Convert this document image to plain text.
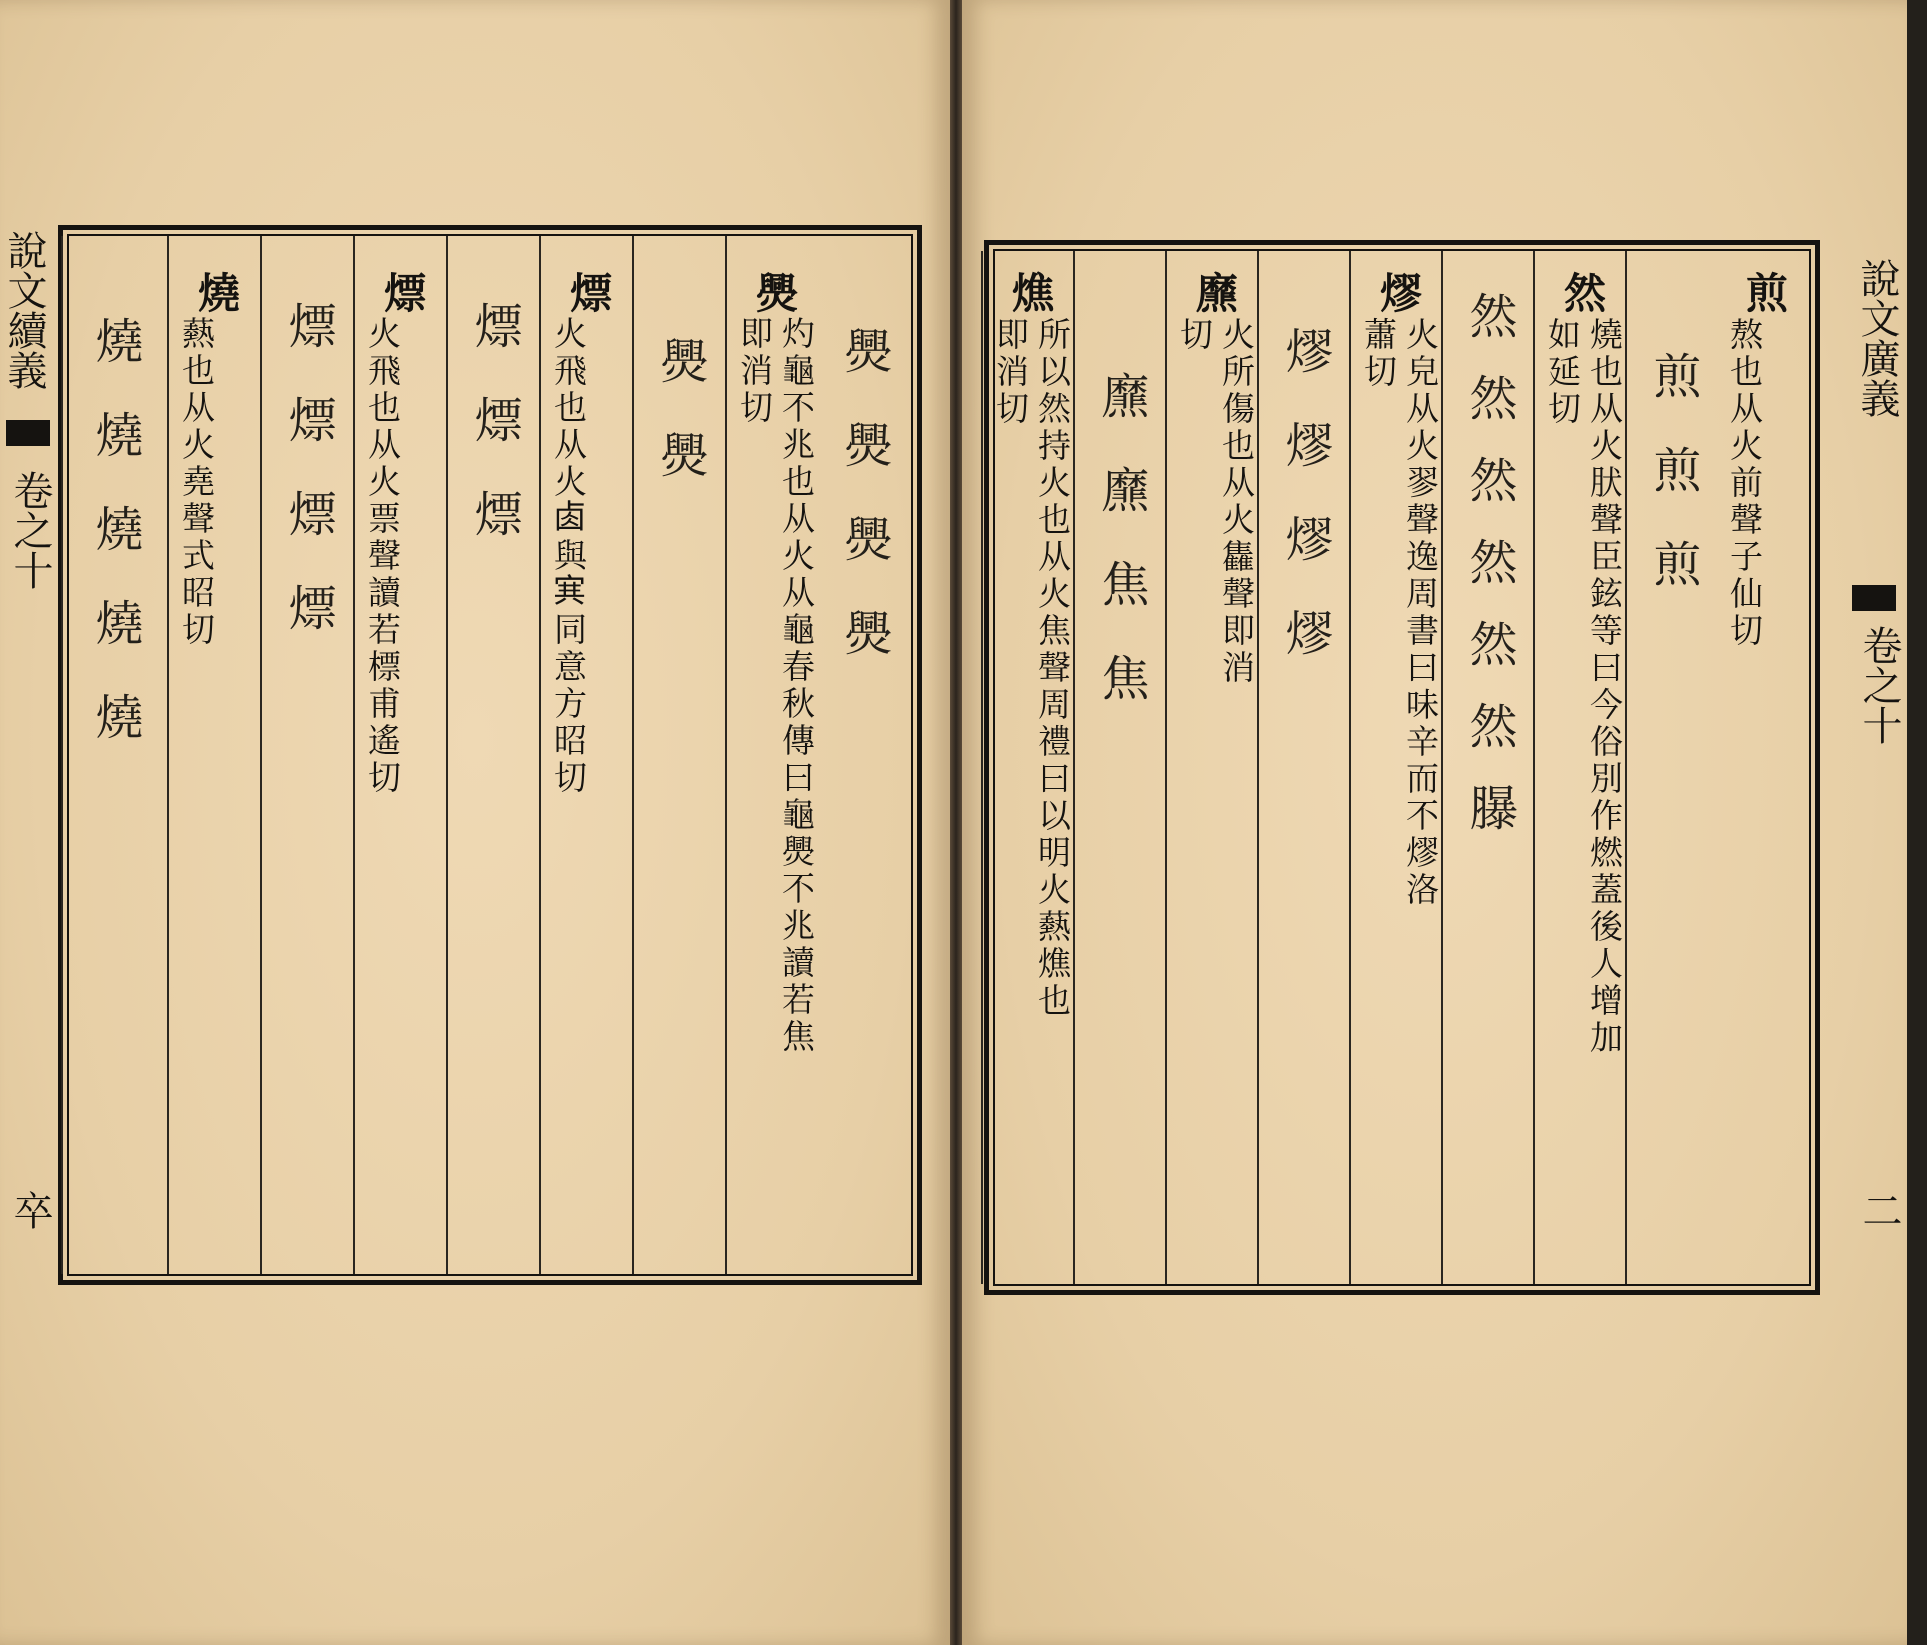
說文續義
卷之十
卒
爂爂爂爂
爂
灼龜不兆也从火从龜春秋傳曰龜爂不兆讀若焦即消切
爂爂
熛
火飛也从火𠧪與𡨄同意方昭切
熛熛熛
熛
火飛也从火票聲讀若標甫遙切
熛熛熛熛
燒
爇也从火堯聲式昭切
燒燒燒燒燒
煎
熬也从火前聲子仙切
煎煎煎
然
燒也从火肰聲臣鉉等曰今俗別作燃蓋後人增加如延切
然然然然然然𦢊
熮
火皃从火翏聲逸周書曰味辛而不熮洛蕭切
熮熮熮熮
爢
火所傷也从火雥聲即消切
爢爢焦焦
燋
所以然持火也从火焦聲周禮曰以明火爇燋也即消切	說文廣義
卷之十
二
